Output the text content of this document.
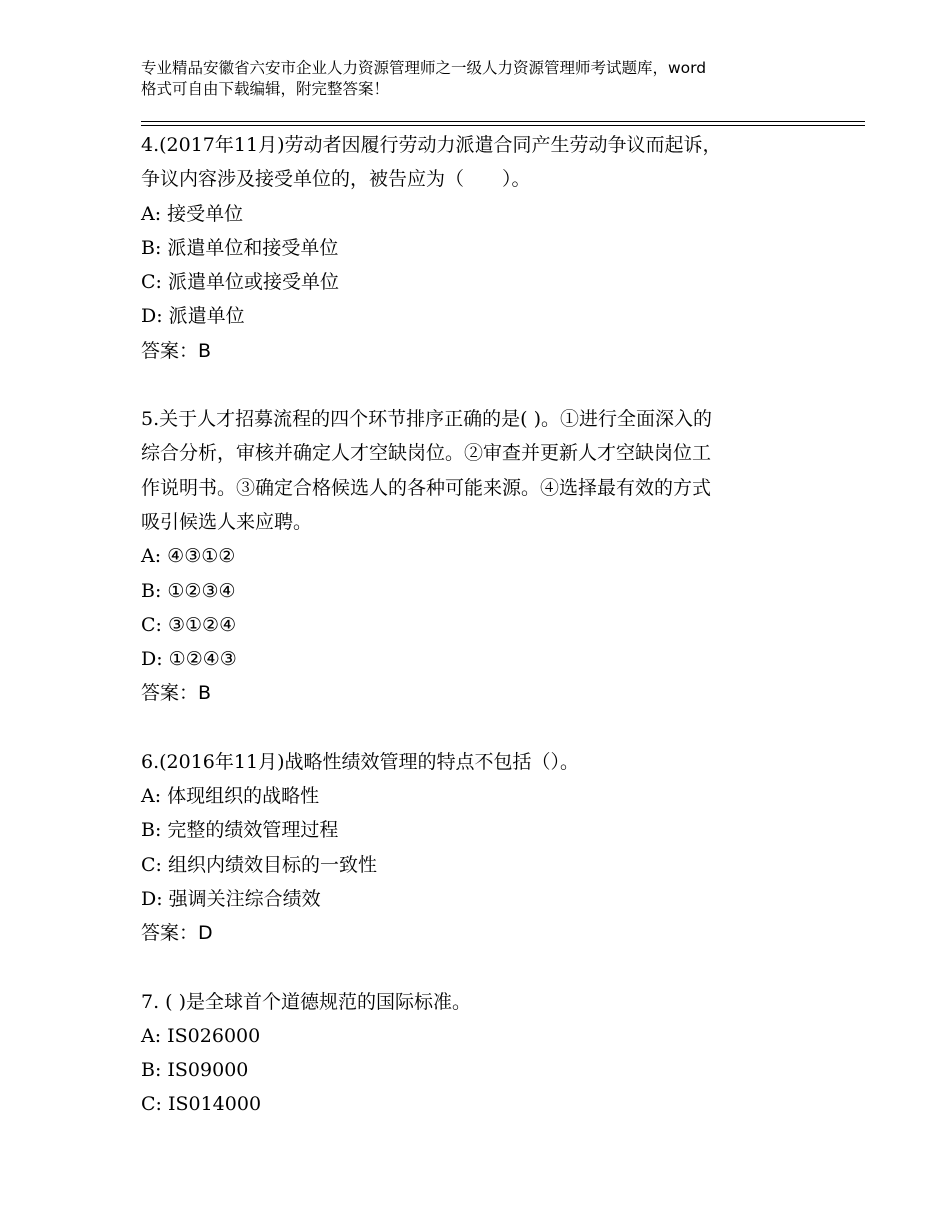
专业精品安徽省六安市企业人力资源管理师之一级人力资源管理师考试题库，word
格式可自由下载编辑，附完整答案！
4.(2017年11月)劳动者因履行劳动力派遣合同产生劳动争议而起诉，
争议内容涉及接受单位的，被告应为（　　）。
A: 接受单位
B: 派遣单位和接受单位
C: 派遣单位或接受单位
D: 派遣单位
答案：B
5.关于人才招募流程的四个环节排序正确的是( )。①进行全面深入的
综合分析，审核并确定人才空缺岗位。②审查并更新人才空缺岗位工
作说明书。③确定合格候选人的各种可能来源。④选择最有效的方式
吸引候选人来应聘。
A: ④③①②
B: ①②③④
C: ③①②④
D: ①②④③
答案：B
6.(2016年11月)战略性绩效管理的特点不包括（）。
A: 体现组织的战略性
B: 完整的绩效管理过程
C: 组织内绩效目标的一致性
D: 强调关注综合绩效
答案：D
7. ( )是全球首个道德规范的国际标准。
A: IS026000
B: IS09000
C: IS014000
